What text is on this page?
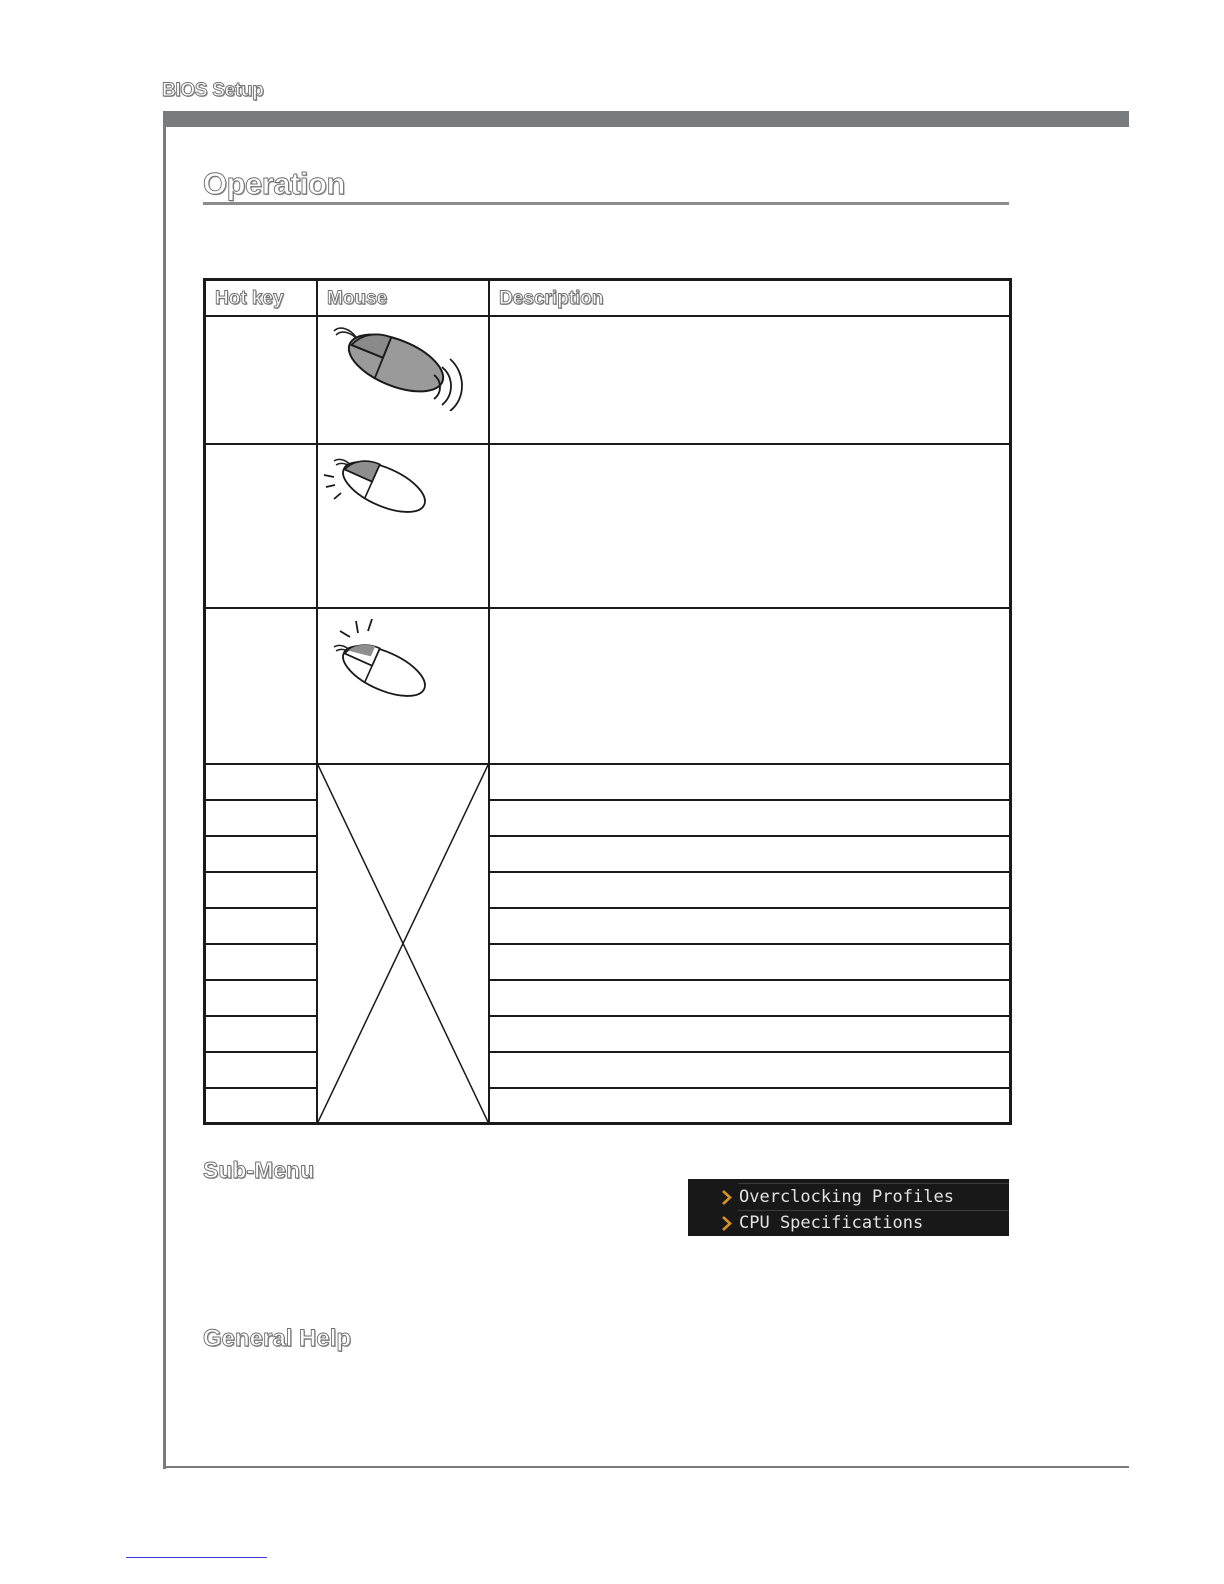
BIOS Setup
Operation
Hot key Mouse	Description
Sub-Menu
Overclocking Profiles
CPU Specifications
General Help
